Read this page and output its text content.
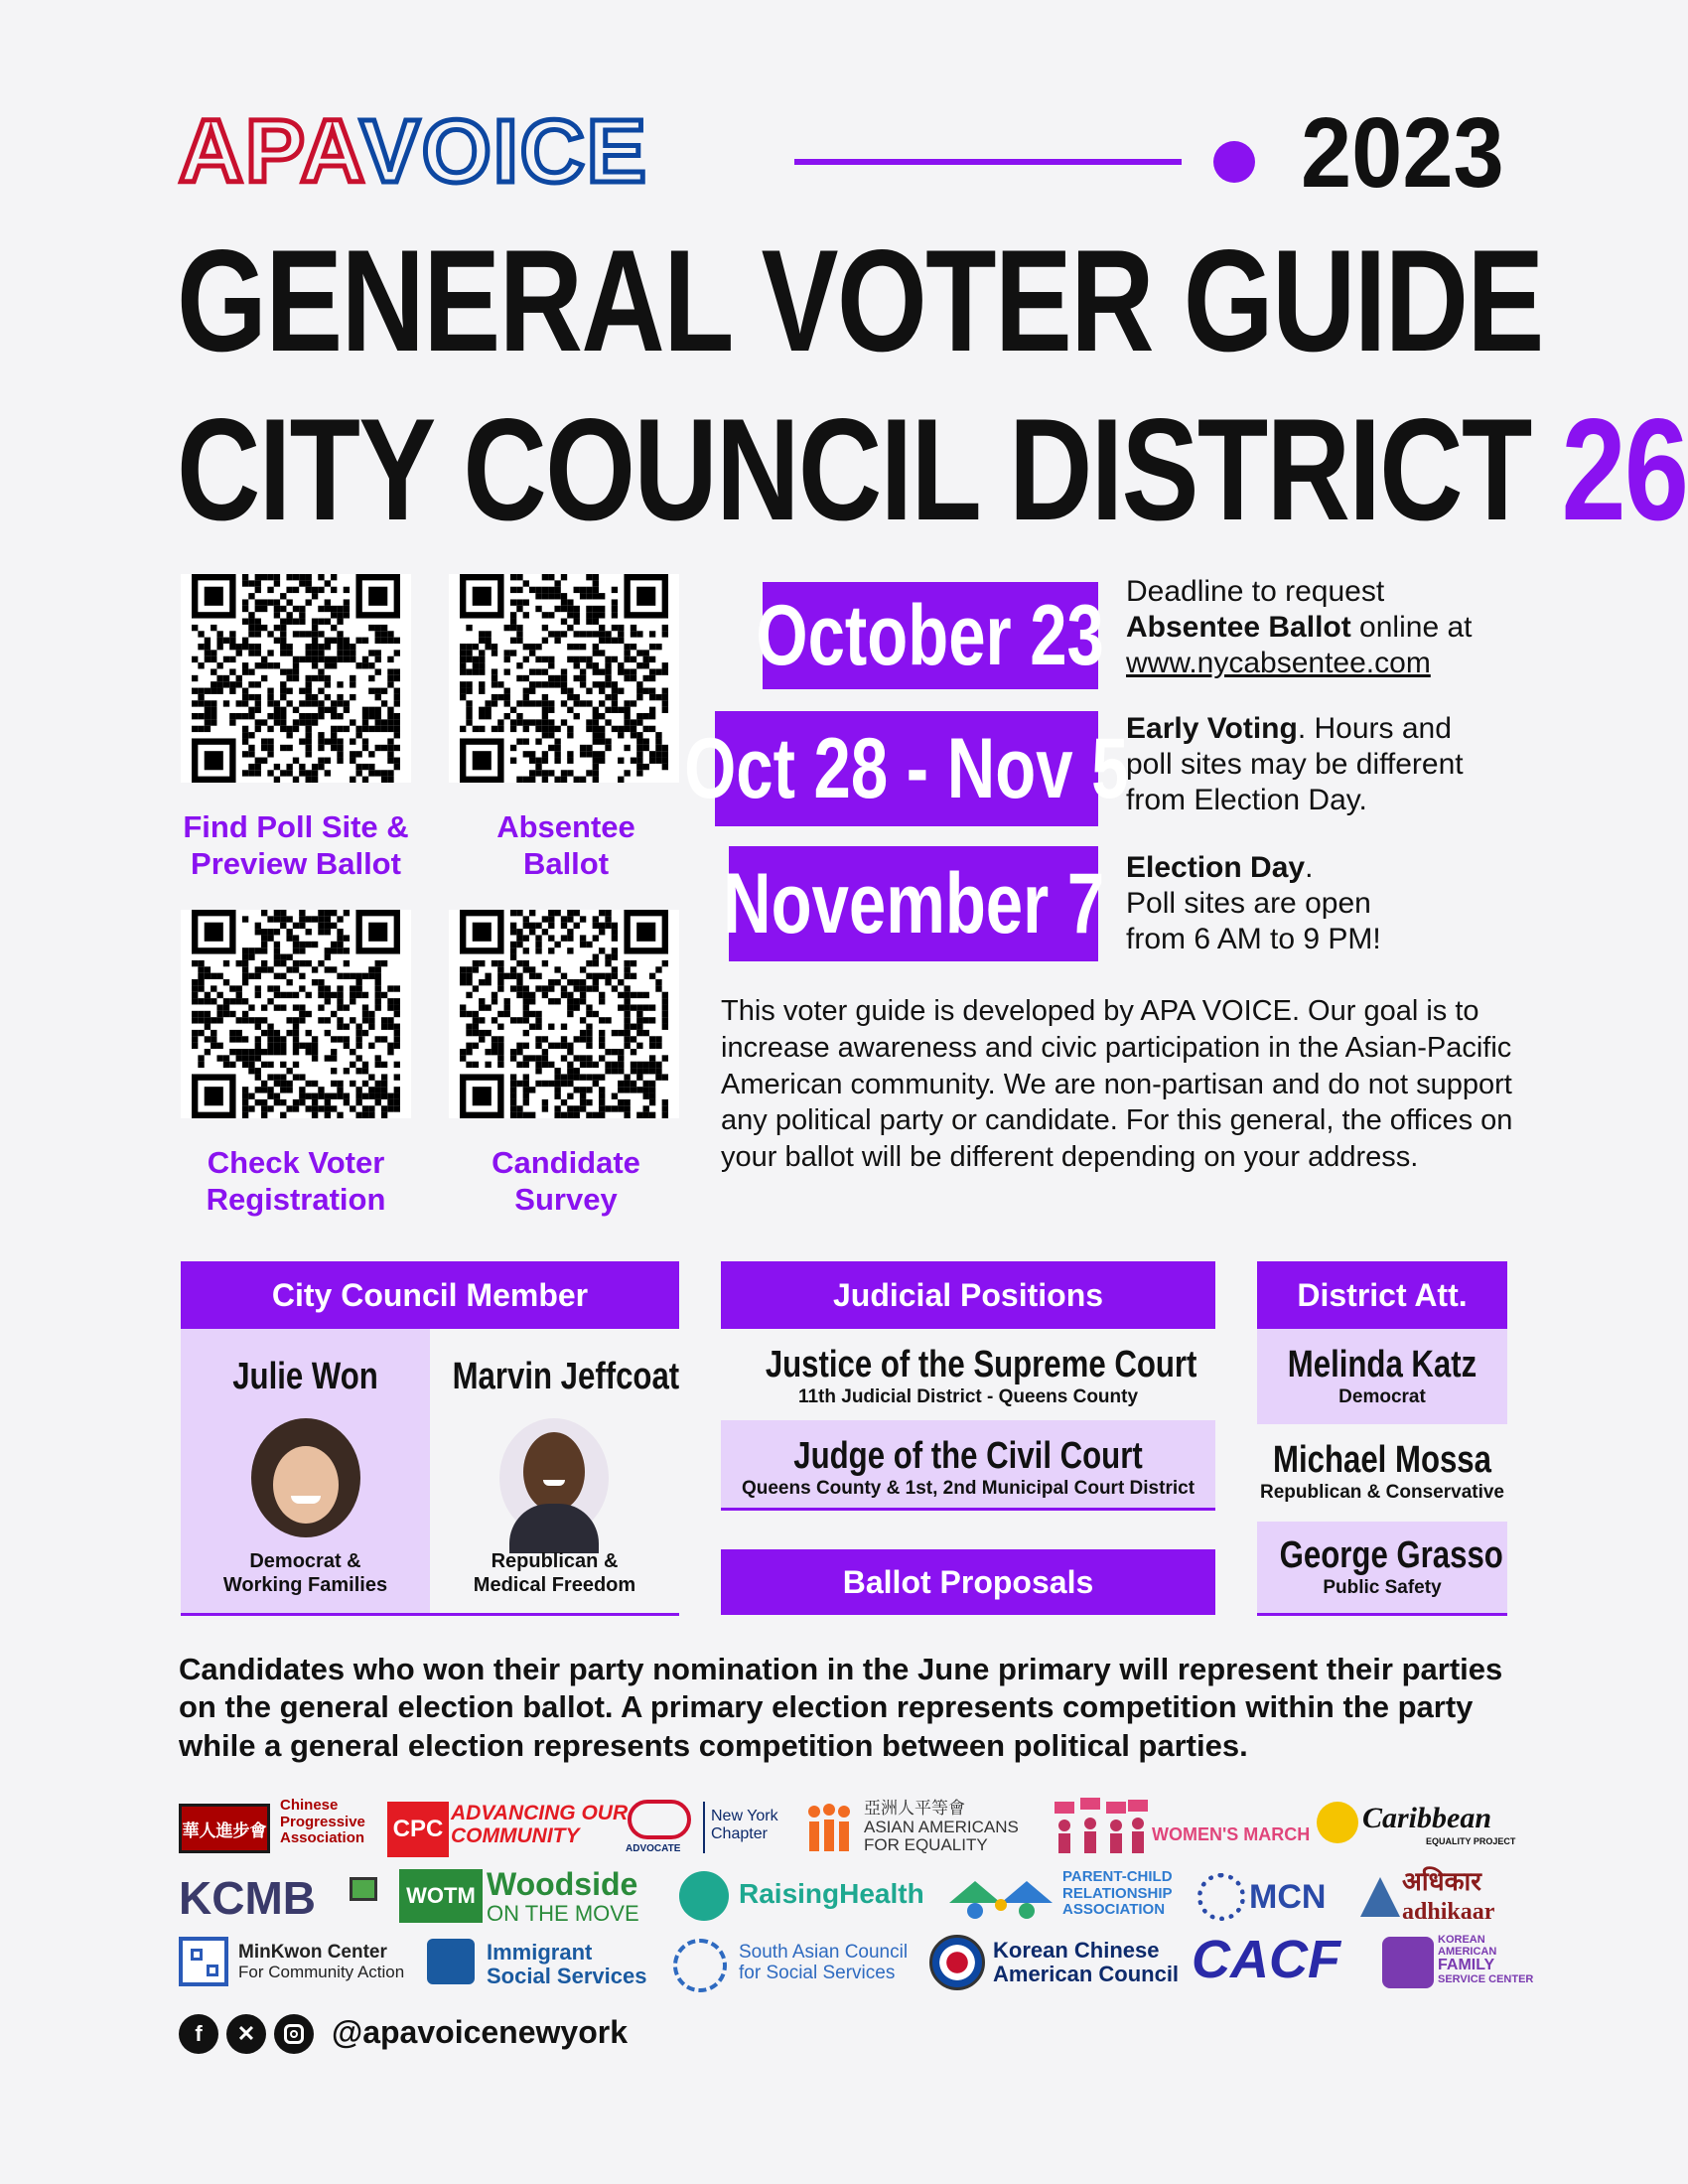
APAVOICE	2023
GENERAL VOTER GUIDE
CITY COUNCIL DISTRICT 26
Find Poll Site &
Preview Ballot
Absentee
Ballot
Check Voter
Registration
Candidate
Survey
October 23 Deadline to request
Absentee Ballot online at
www.nycabsentee.com
Oct 28 - Nov 5
Early Voting. Hours and
poll sites may be different
from Election Day.
November 7 Election Day.
Poll sites are open
from 6 AM to 9 PM!
This voter guide is developed by APA VOICE. Our goal is to increase awareness and civic participation in the Asian-Pacific American community. We are non-partisan and do not support any political party or candidate. For this general, the offices on your ballot will be different depending on your address.
City Council Member
Julie Won
Democrat &
Working Families
Marvin Jeffcoat
Republican &
Medical Freedom
Judicial Positions
Justice of the Supreme Court
11th Judicial District - Queens County
Judge of the Civil Court
Queens County & 1st, 2nd Municipal Court District
Ballot Proposals
District Att.
Melinda Katz
Democrat
Michael Mossa
Republican & Conservative
George Grasso
Public Safety
Candidates who won their party nomination in the June primary will represent their parties on the general election ballot. A primary election represents competition within the party while a general election represents competition between political parties.
華人進步會
Chinese
Progressive
Association CPC
ADVANCING OUR
COMMUNITY
ADVOCATE
New York
Chapter
亞洲人平等會
ASIAN AMERICANS
FOR EQUALITY
WOMEN'S MARCH Caribbean
EQUALITY PROJECT
KCMB	WOTM Woodside
ON THE MOVE
RaisingHealth
PARENT-CHILD
RELATIONSHIP
ASSOCIATION MCN	अधिकार
adhikaar
MinKwon Center
For Community Action
Immigrant
Social Services
South Asian Council
for Social Services
Korean Chinese
American Council CACF	KOREAN
AMERICAN
FAMILY
SERVICE CENTER
f	✕	@apavoicenewyork
